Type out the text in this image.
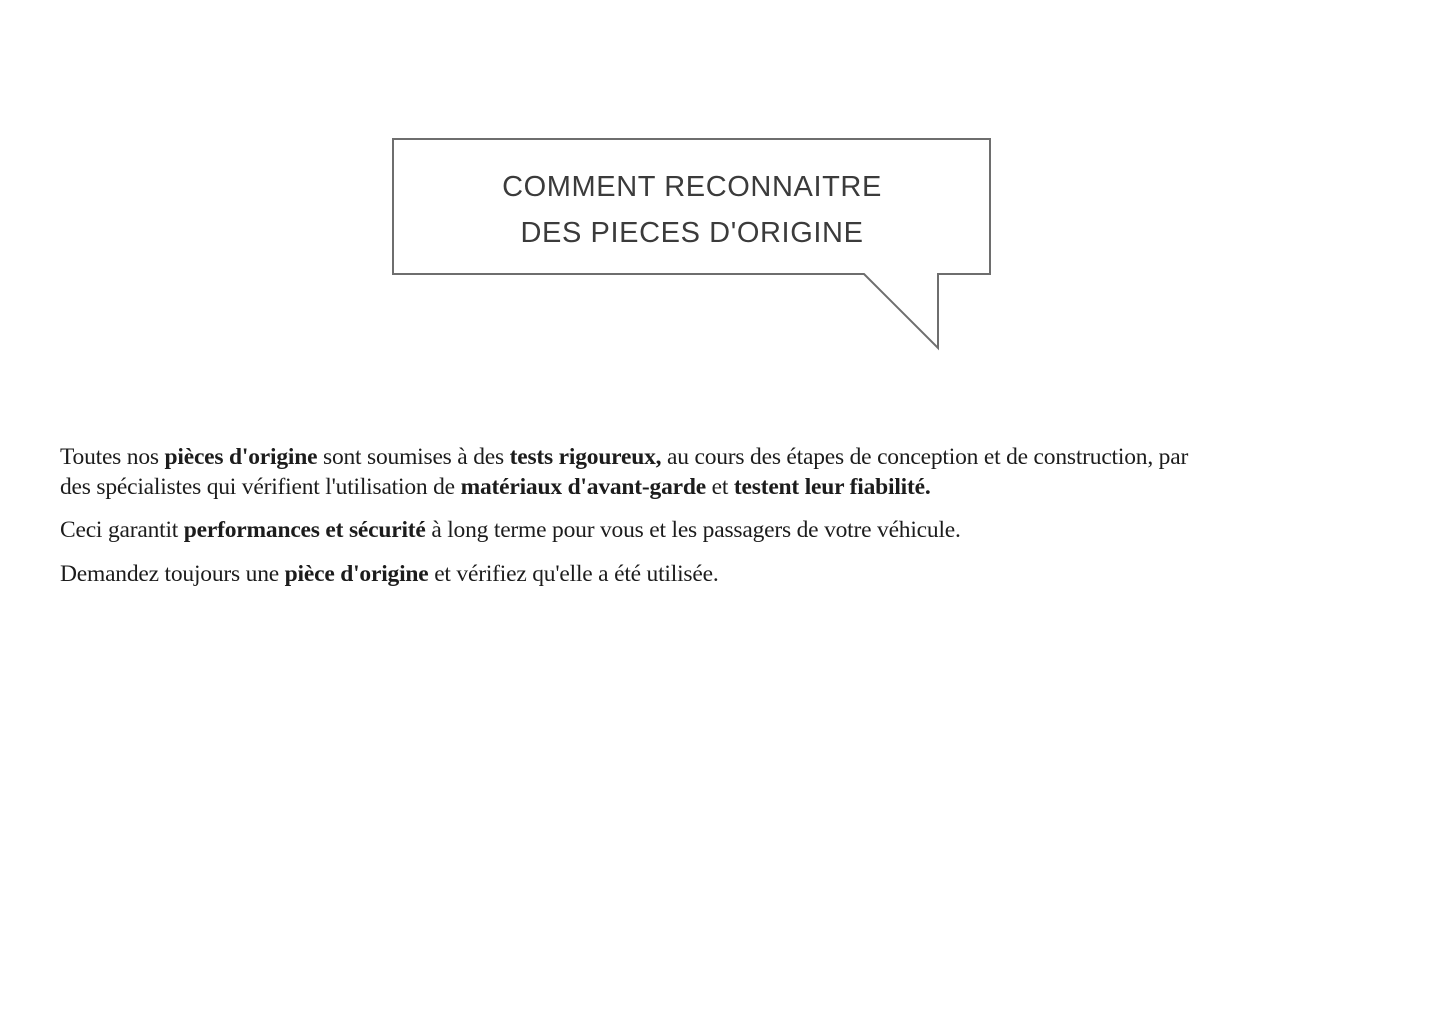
COMMENT RECONNAITRE
DES PIECES D'ORIGINE

Toutes nos pièces d'origine sont soumises à des tests rigoureux, au cours des étapes de conception et de construction, par
des spécialistes qui vérifient l'utilisation de matériaux d'avant-garde et testent leur fiabilité.

Ceci garantit performances et sécurité à long terme pour vous et les passagers de votre véhicule.

Demandez toujours une pièce d'origine et vérifiez qu'elle a été utilisée.
